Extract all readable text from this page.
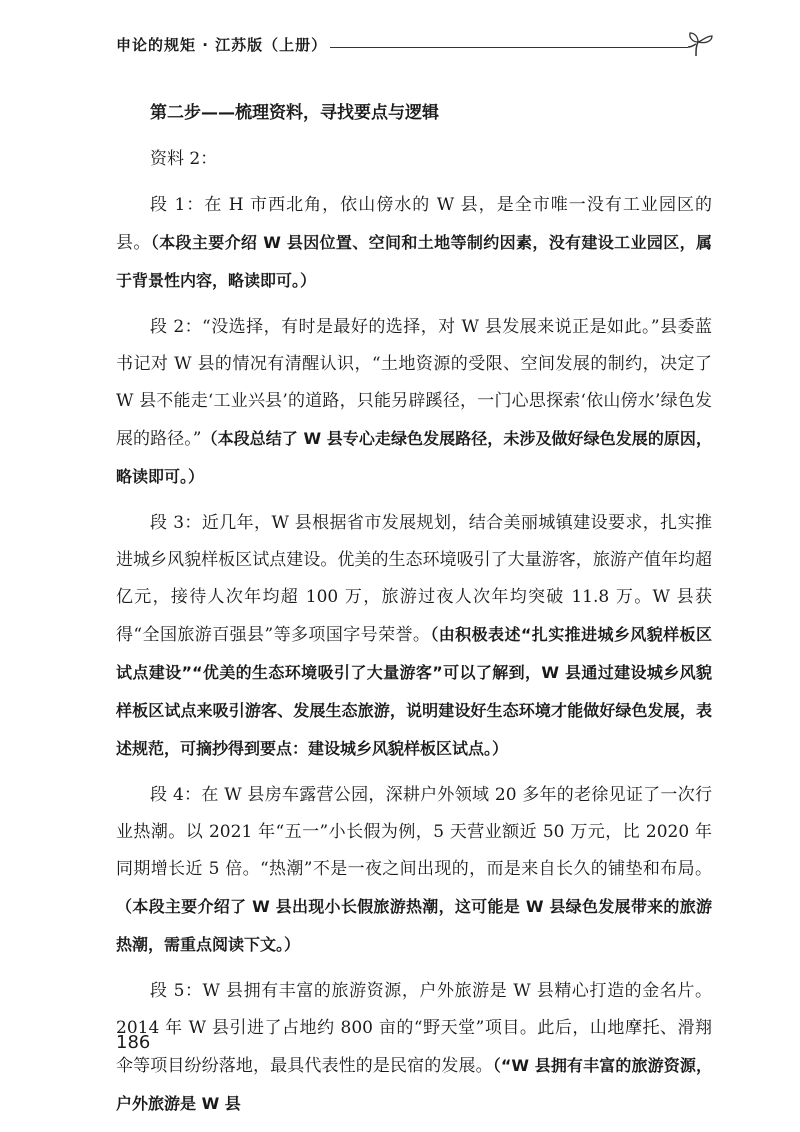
申论的规矩 · 江苏版（上册）

第二步——梳理资料，寻找要点与逻辑

资料 2：

段 1：在 H 市西北角，依山傍水的 W 县，是全市唯一没有工业园区的县。（本段主要介绍 W 县因位置、空间和土地等制约因素，没有建设工业园区，属于背景性内容，略读即可。）

段 2：“没选择，有时是最好的选择，对 W 县发展来说正是如此。”县委蓝书记对 W 县的情况有清醒认识，“土地资源的受限、空间发展的制约，决定了 W 县不能走‘工业兴县’的道路，只能另辟蹊径，一门心思探索‘依山傍水’绿色发展的路径。”（本段总结了 W 县专心走绿色发展路径，未涉及做好绿色发展的原因，略读即可。）

段 3：近几年，W 县根据省市发展规划，结合美丽城镇建设要求，扎实推进城乡风貌样板区试点建设。优美的生态环境吸引了大量游客，旅游产值年均超亿元，接待人次年均超 100 万，旅游过夜人次年均突破 11.8 万。W 县获得“全国旅游百强县”等多项国字号荣誉。（由积极表述“扎实推进城乡风貌样板区试点建设”“优美的生态环境吸引了大量游客”可以了解到，W 县通过建设城乡风貌样板区试点来吸引游客、发展生态旅游，说明建设好生态环境才能做好绿色发展，表述规范，可摘抄得到要点：建设城乡风貌样板区试点。）

段 4：在 W 县房车露营公园，深耕户外领域 20 多年的老徐见证了一次行业热潮。以 2021 年“五一”小长假为例，5 天营业额近 50 万元，比 2020 年同期增长近 5 倍。“热潮”不是一夜之间出现的，而是来自长久的铺垫和布局。（本段主要介绍了 W 县出现小长假旅游热潮，这可能是 W 县绿色发展带来的旅游热潮，需重点阅读下文。）

段 5：W 县拥有丰富的旅游资源，户外旅游是 W 县精心打造的金名片。2014 年 W 县引进了占地约 800 亩的“野天堂”项目。此后，山地摩托、滑翔伞等项目纷纷落地，最具代表性的是民宿的发展。（“W 县拥有丰富的旅游资源，户外旅游是 W 县

186
